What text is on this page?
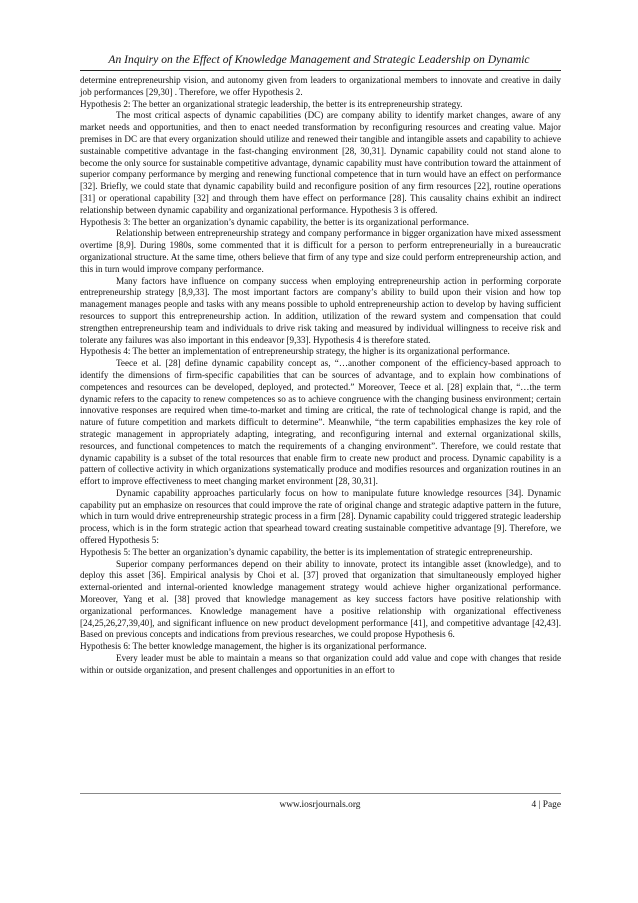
An Inquiry on the Effect of Knowledge Management and Strategic Leadership on Dynamic

determine entrepreneurship vision, and autonomy given from leaders to organizational members to innovate and creative in daily job performances [29,30] . Therefore, we offer Hypothesis 2.

Hypothesis 2: The better an organizational strategic leadership, the better is its entrepreneurship strategy.

The most critical aspects of dynamic capabilities (DC) are company ability to identify market changes, aware of any market needs and opportunities, and then to enact needed transformation by reconfiguring resources and creating value. Major premises in DC are that every organization should utilize and renewed their tangible and intangible assets and capability to achieve sustainable competitive advantage in the fast-changing environment [28, 30,31]. Dynamic capability could not stand alone to become the only source for sustainable competitive advantage, dynamic capability must have contribution toward the attainment of superior company performance by merging and renewing functional competence that in turn would have an effect on performance [32]. Briefly, we could state that dynamic capability build and reconfigure position of any firm resources [22], routine operations [31] or operational capability [32] and through them have effect on performance [28]. This causality chains exhibit an indirect relationship between dynamic capability and organizational performance. Hypothesis 3 is offered.

Hypothesis 3: The better an organization’s dynamic capability, the better is its organizational performance.

Relationship between entrepreneurship strategy and company performance in bigger organization have mixed assessment overtime [8,9]. During 1980s, some commented that it is difficult for a person to perform entrepreneurially in a bureaucratic organizational structure. At the same time, others believe that firm of any type and size could perform entrepreneurship action, and this in turn would improve company performance.

Many factors have influence on company success when employing entrepreneurship action in performing corporate entrepreneurship strategy [8,9,33]. The most important factors are company’s ability to build upon their vision and how top management manages people and tasks with any means possible to uphold entrepreneurship action to develop by having sufficient resources to support this entrepreneurship action. In addition, utilization of the reward system and compensation that could strengthen entrepreneurship team and individuals to drive risk taking and measured by individual willingness to receive risk and tolerate any failures was also important in this endeavor [9,33]. Hypothesis 4 is therefore stated.

Hypothesis 4: The better an implementation of entrepreneurship strategy, the higher is its organizational performance.

Teece et al. [28] define dynamic capability concept as, “…another component of the efficiency-based approach to identify the dimensions of firm-specific capabilities that can be sources of advantage, and to explain how combinations of competences and resources can be developed, deployed, and protected.” Moreover, Teece et al. [28] explain that, “…the term dynamic refers to the capacity to renew competences so as to achieve congruence with the changing business environment; certain innovative responses are required when time-to-market and timing are critical, the rate of technological change is rapid, and the nature of future competition and markets difficult to determine”. Meanwhile, “the term capabilities emphasizes the key role of strategic management in appropriately adapting, integrating, and reconfiguring internal and external organizational skills, resources, and functional competences to match the requirements of a changing environment”. Therefore, we could restate that dynamic capability is a subset of the total resources that enable firm to create new product and process. Dynamic capability is a pattern of collective activity in which organizations systematically produce and modifies resources and organization routines in an effort to improve effectiveness to meet changing market environment [28, 30,31].

Dynamic capability approaches particularly focus on how to manipulate future knowledge resources [34]. Dynamic capability put an emphasize on resources that could improve the rate of original change and strategic adaptive pattern in the future, which in turn would drive entrepreneurship strategic process in a firm [28]. Dynamic capability could triggered strategic leadership process, which is in the form strategic action that spearhead toward creating sustainable competitive advantage [9]. Therefore, we offered Hypothesis 5:

Hypothesis 5: The better an organization’s dynamic capability, the better is its implementation of strategic entrepreneurship.

Superior company performances depend on their ability to innovate, protect its intangible asset (knowledge), and to deploy this asset [36]. Empirical analysis by Choi et al. [37] proved that organization that simultaneously employed higher external-oriented and internal-oriented knowledge management strategy would achieve higher organizational performance. Moreover, Yang et al. [38] proved that knowledge management as key success factors have positive relationship with organizational performances. Knowledge management have a positive relationship with organizational effectiveness [24,25,26,27,39,40], and significant influence on new product development performance [41], and competitive advantage [42,43]. Based on previous concepts and indications from previous researches, we could propose Hypothesis 6.

Hypothesis 6: The better knowledge management, the higher is its organizational performance.

Every leader must be able to maintain a means so that organization could add value and cope with changes that reside within or outside organization, and present challenges and opportunities in an effort to

www.iosrjournals.org	4 | Page
